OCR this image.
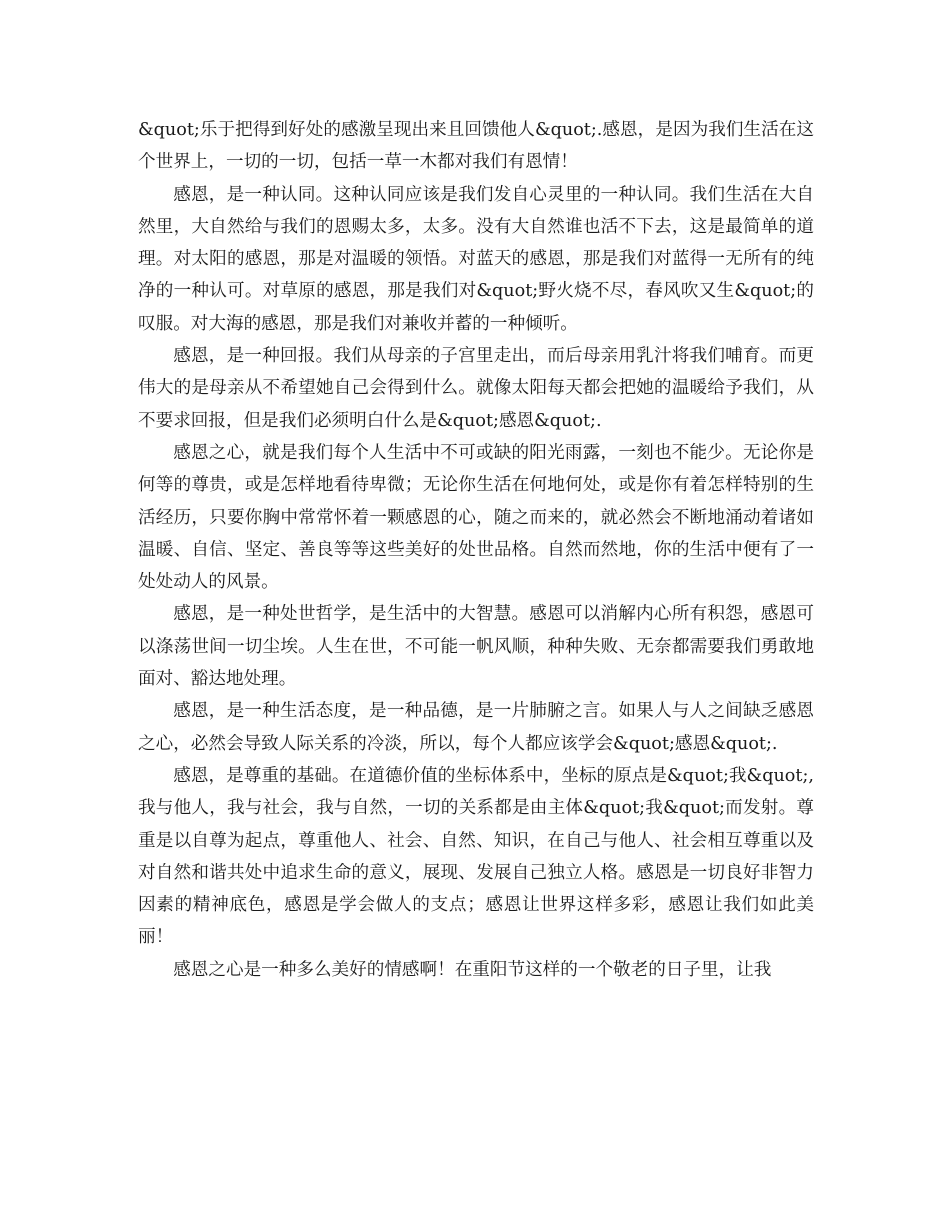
&quot;乐于把得到好处的感激呈现出来且回馈他人&quot;.感恩，是因为我们生活在这个世界上，一切的一切，包括一草一木都对我们有恩情！

感恩，是一种认同。这种认同应该是我们发自心灵里的一种认同。我们生活在大自然里，大自然给与我们的恩赐太多，太多。没有大自然谁也活不下去，这是最简单的道理。对太阳的感恩，那是对温暖的领悟。对蓝天的感恩，那是我们对蓝得一无所有的纯净的一种认可。对草原的感恩，那是我们对&quot;野火烧不尽，春风吹又生&quot;的叹服。对大海的感恩，那是我们对兼收并蓄的一种倾听。

感恩，是一种回报。我们从母亲的子宫里走出，而后母亲用乳汁将我们哺育。而更伟大的是母亲从不希望她自己会得到什么。就像太阳每天都会把她的温暖给予我们，从不要求回报，但是我们必须明白什么是&quot;感恩&quot;.

感恩之心，就是我们每个人生活中不可或缺的阳光雨露，一刻也不能少。无论你是何等的尊贵，或是怎样地看待卑微；无论你生活在何地何处，或是你有着怎样特别的生活经历，只要你胸中常常怀着一颗感恩的心，随之而来的，就必然会不断地涌动着诸如温暖、自信、坚定、善良等等这些美好的处世品格。自然而然地，你的生活中便有了一处处动人的风景。

感恩，是一种处世哲学，是生活中的大智慧。感恩可以消解内心所有积怨，感恩可以涤荡世间一切尘埃。人生在世，不可能一帆风顺，种种失败、无奈都需要我们勇敢地面对、豁达地处理。

感恩，是一种生活态度，是一种品德，是一片肺腑之言。如果人与人之间缺乏感恩之心，必然会导致人际关系的冷淡，所以，每个人都应该学会&quot;感恩&quot;.

感恩，是尊重的基础。在道德价值的坐标体系中，坐标的原点是&quot;我&quot;,我与他人，我与社会，我与自然，一切的关系都是由主体&quot;我&quot;而发射。尊重是以自尊为起点，尊重他人、社会、自然、知识，在自己与他人、社会相互尊重以及对自然和谐共处中追求生命的意义，展现、发展自己独立人格。感恩是一切良好非智力因素的精神底色，感恩是学会做人的支点；感恩让世界这样多彩，感恩让我们如此美丽！

感恩之心是一种多么美好的情感啊！在重阳节这样的一个敬老的日子里，让我
